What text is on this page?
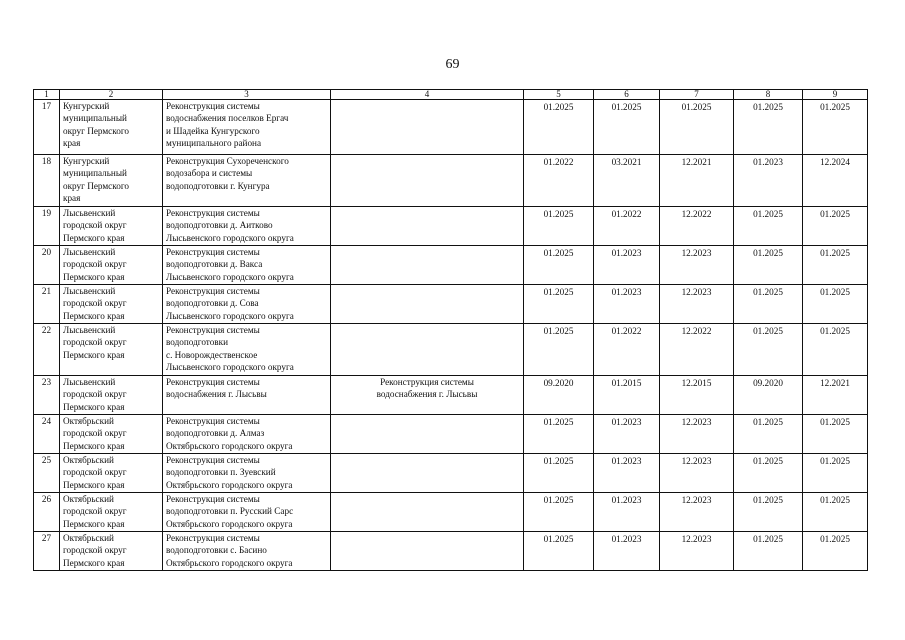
69
1	2	3	4	5	6	7	8	9
17	Кунгурский
муниципальный
округ Пермского
края	Реконструкция системы
водоснабжения поселков Ергач
и Шадейка Кунгурского
муниципального района		01.2025	01.2025	01.2025	01.2025	01.2025
18	Кунгурский
муниципальный
округ Пермского
края	Реконструкция Сухореченского
водозабора и системы
водоподготовки г. Кунгура		01.2022	03.2021	12.2021	01.2023	12.2024
19	Лысьвенский
городской округ
Пермского края	Реконструкция системы
водоподготовки д. Аитково
Лысьвенского городского округа		01.2025	01.2022	12.2022	01.2025	01.2025
20	Лысьвенский
городской округ
Пермского края	Реконструкция системы
водоподготовки д. Вакса
Лысьвенского городского округа		01.2025	01.2023	12.2023	01.2025	01.2025
21	Лысьвенский
городской округ
Пермского края	Реконструкция системы
водоподготовки д. Сова
Лысьвенского городского округа		01.2025	01.2023	12.2023	01.2025	01.2025
22	Лысьвенский
городской округ
Пермского края	Реконструкция системы
водоподготовки
с. Новорождественское
Лысьвенского городского округа		01.2025	01.2022	12.2022	01.2025	01.2025
23	Лысьвенский
городской округ
Пермского края	Реконструкция системы
водоснабжения г. Лысьвы	Реконструкция системы
водоснабжения г. Лысьвы	09.2020	01.2015	12.2015	09.2020	12.2021
24	Октябрьский
городской округ
Пермского края	Реконструкция системы
водоподготовки д. Алмаз
Октябрьского городского округа		01.2025	01.2023	12.2023	01.2025	01.2025
25	Октябрьский
городской округ
Пермского края	Реконструкция системы
водоподготовки п. Зуевский
Октябрьского городского округа		01.2025	01.2023	12.2023	01.2025	01.2025
26	Октябрьский
городской округ
Пермского края	Реконструкция системы
водоподготовки п. Русский Сарс
Октябрьского городского округа		01.2025	01.2023	12.2023	01.2025	01.2025
27	Октябрьский
городской округ
Пермского края	Реконструкция системы
водоподготовки с. Басино
Октябрьского городского округа		01.2025	01.2023	12.2023	01.2025	01.2025
